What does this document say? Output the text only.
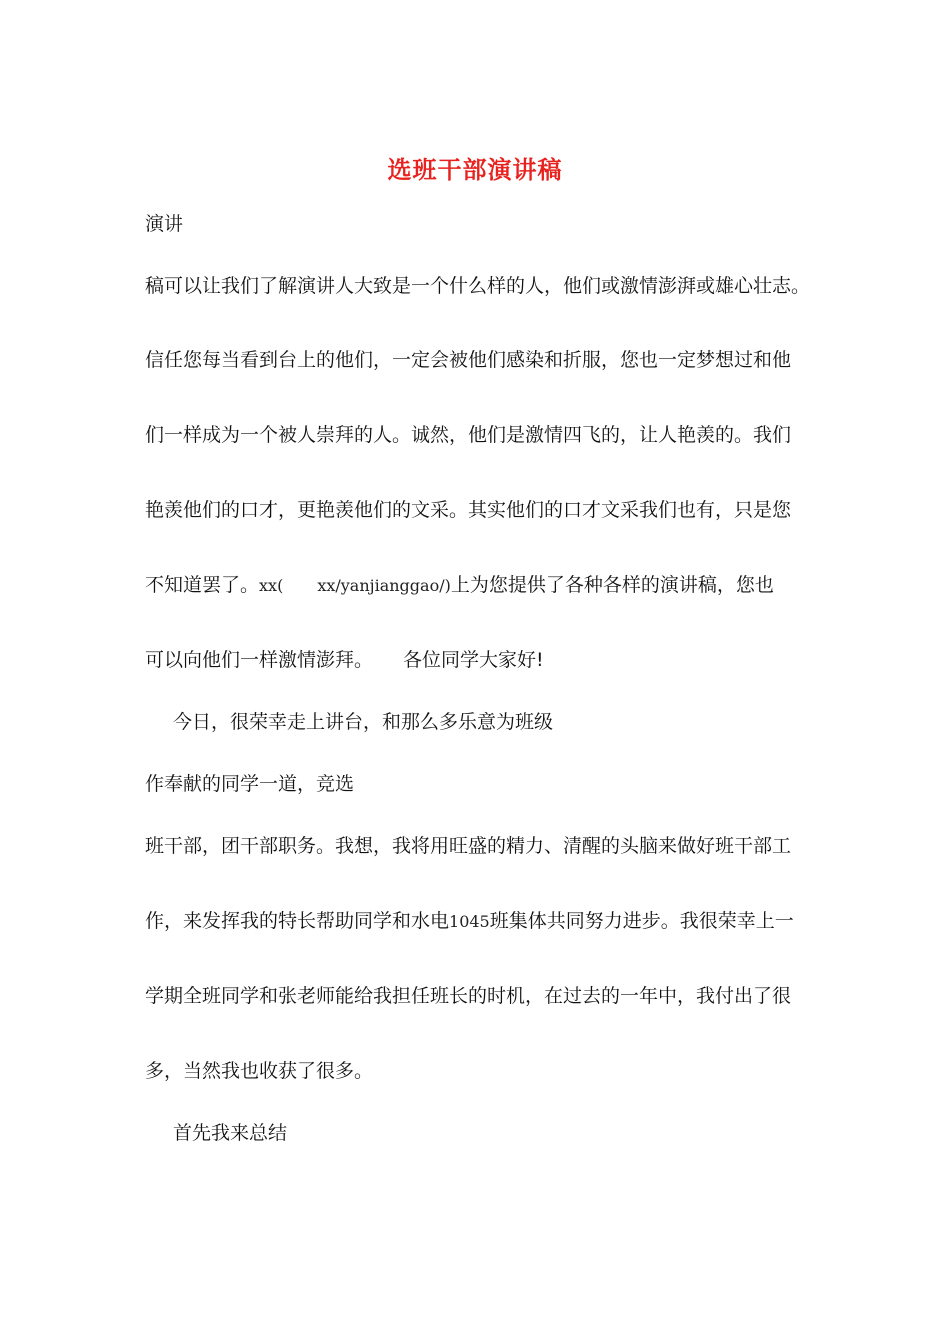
选班干部演讲稿
演讲
稿可以让我们了解演讲人大致是一个什么样的人，他们或激情澎湃或雄心壮志。
信任您每当看到台上的他们，一定会被他们感染和折服，您也一定梦想过和他
们一样成为一个被人崇拜的人。诚然，他们是激情四飞的，让人艳羡的。我们
艳羡他们的口才，更艳羡他们的文采。其实他们的口才文采我们也有，只是您
不知道罢了。xx( xx/yanjianggao/)上为您提供了各种各样的演讲稿，您也
可以向他们一样激情澎拜。 各位同学大家好!
今日，很荣幸走上讲台，和那么多乐意为班级
作奉献的同学一道，竞选
班干部，团干部职务。我想，我将用旺盛的精力、清醒的头脑来做好班干部工
作，来发挥我的特长帮助同学和水电1045班集体共同努力进步。我很荣幸上一
学期全班同学和张老师能给我担任班长的时机，在过去的一年中，我付出了很
多，当然我也收获了很多。
首先我来总结
